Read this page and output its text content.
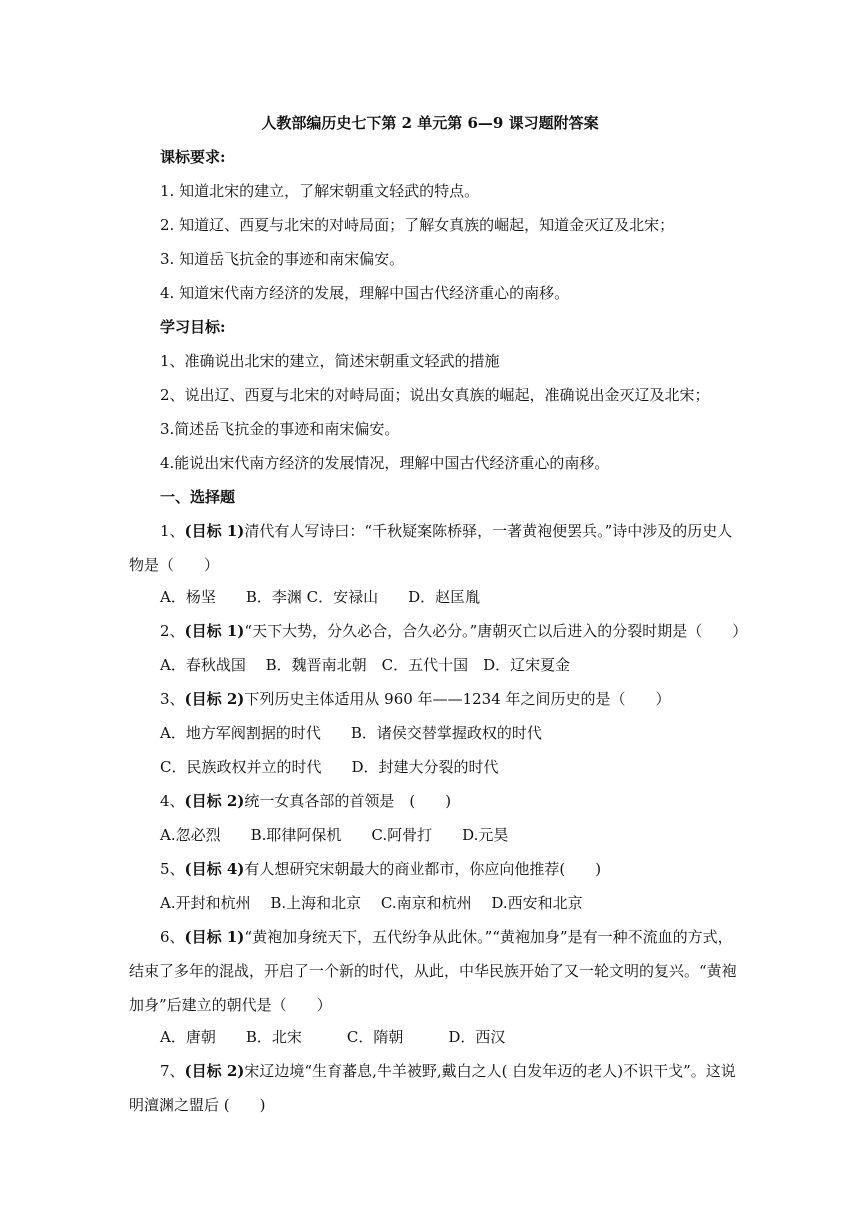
人教部编历史七下第 2 单元第 6—9 课习题附答案
课标要求:
1. 知道北宋的建立，了解宋朝重文轻武的特点。
2. 知道辽、西夏与北宋的对峙局面；了解女真族的崛起，知道金灭辽及北宋；
3. 知道岳飞抗金的事迹和南宋偏安。
4. 知道宋代南方经济的发展，理解中国古代经济重心的南移。
学习目标:
1、准确说出北宋的建立，简述宋朝重文轻武的措施
2、说出辽、西夏与北宋的对峙局面；说出女真族的崛起，准确说出金灭辽及北宋；
3.简述岳飞抗金的事迹和南宋偏安。
4.能说出宋代南方经济的发展情况，理解中国古代经济重心的南移。
一、选择题
1、(目标 1)清代有人写诗曰：“千秋疑案陈桥驿，一著黄袍便罢兵。”诗中涉及的历史人物是（　　）
A．杨坚　　B．李渊 C．安禄山　　D．赵匡胤
2、(目标 1)“天下大势，分久必合，合久必分。”唐朝灭亡以后进入的分裂时期是（　　）
A．春秋战国　 B．魏晋南北朝　C．五代十国　D．辽宋夏金
3、(目标 2)下列历史主体适用从 960 年——1234 年之间历史的是（　　）
A．地方军阀割据的时代　　B．诸侯交替掌握政权的时代
C．民族政权并立的时代　　D．封建大分裂的时代
4、(目标 2)统一女真各部的首领是　(　　)
A.忽必烈　　B.耶律阿保机　　C.阿骨打　　D.元昊
5、(目标 4)有人想研究宋朝最大的商业都市，你应向他推荐(　　)
A.开封和杭州　 B.上海和北京　 C.南京和杭州　 D.西安和北京
6、(目标 1)“黄袍加身统天下，五代纷争从此休。”“黄袍加身”是有一种不流血的方式，结束了多年的混战，开启了一个新的时代，从此，中华民族开始了又一轮文明的复兴。“黄袍加身”后建立的朝代是（　　）
A．唐朝　　B．北宋　　　C．隋朝　　　D．西汉
7、(目标 2)宋辽边境“生育蕃息,牛羊被野,戴白之人( 白发年迈的老人)不识干戈”。这说明澶渊之盟后 (　　)
